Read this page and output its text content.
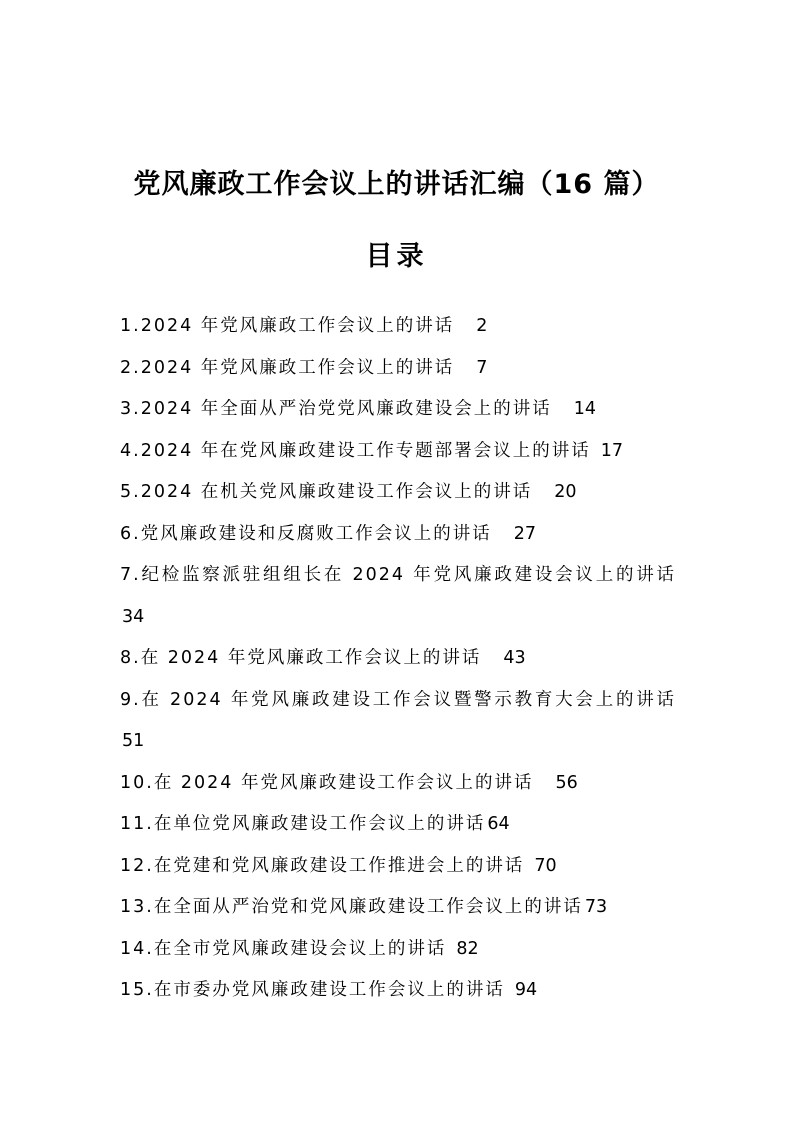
党风廉政工作会议上的讲话汇编（16 篇）
目录
1.2024 年党风廉政工作会议上的讲话 2
2.2024 年党风廉政工作会议上的讲话 7
3.2024 年全面从严治党党风廉政建设会上的讲话 14
4.2024 年在党风廉政建设工作专题部署会议上的讲话 17
5.2024 在机关党风廉政建设工作会议上的讲话 20
6.党风廉政建设和反腐败工作会议上的讲话 27
7.纪检监察派驻组组长在 2024 年党风廉政建设会议上的讲话34
8.在 2024 年党风廉政工作会议上的讲话 43
9.在 2024 年党风廉政建设工作会议暨警示教育大会上的讲话51
10.在 2024 年党风廉政建设工作会议上的讲话 56
11.在单位党风廉政建设工作会议上的讲话 64
12.在党建和党风廉政建设工作推进会上的讲话 70
13.在全面从严治党和党风廉政建设工作会议上的讲话 73
14.在全市党风廉政建设会议上的讲话 82
15.在市委办党风廉政建设工作会议上的讲话 94
